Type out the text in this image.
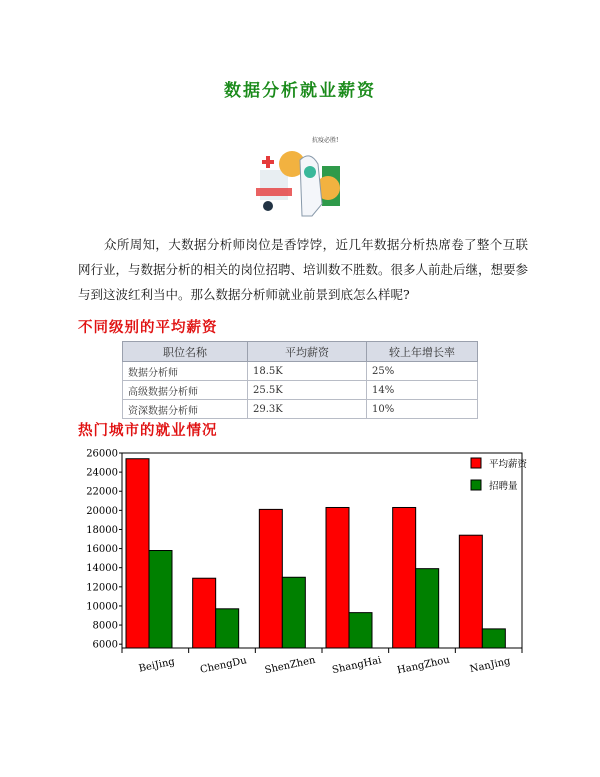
数据分析就业薪资
抗疫必胜!
众所周知，大数据分析师岗位是香饽饽，近几年数据分析热席卷了整个互联网行业，与数据分析的相关的岗位招聘、培训数不胜数。很多人前赴后继，想要参与到这波红利当中。那么数据分析师就业前景到底怎么样呢?
不同级别的平均薪资
职位名称	平均薪资	较上年增长率
数据分析师	18.5K	25%
高级数据分析师	25.5K	14%
资深数据分析师	29.3K	10%
热门城市的就业情况
6000
8000
10000
12000
14000
16000
18000
20000
22000
24000
26000
BeiJing ChengDu ShenZhen ShangHai HangZhou NanJing
平均薪资
招聘量
